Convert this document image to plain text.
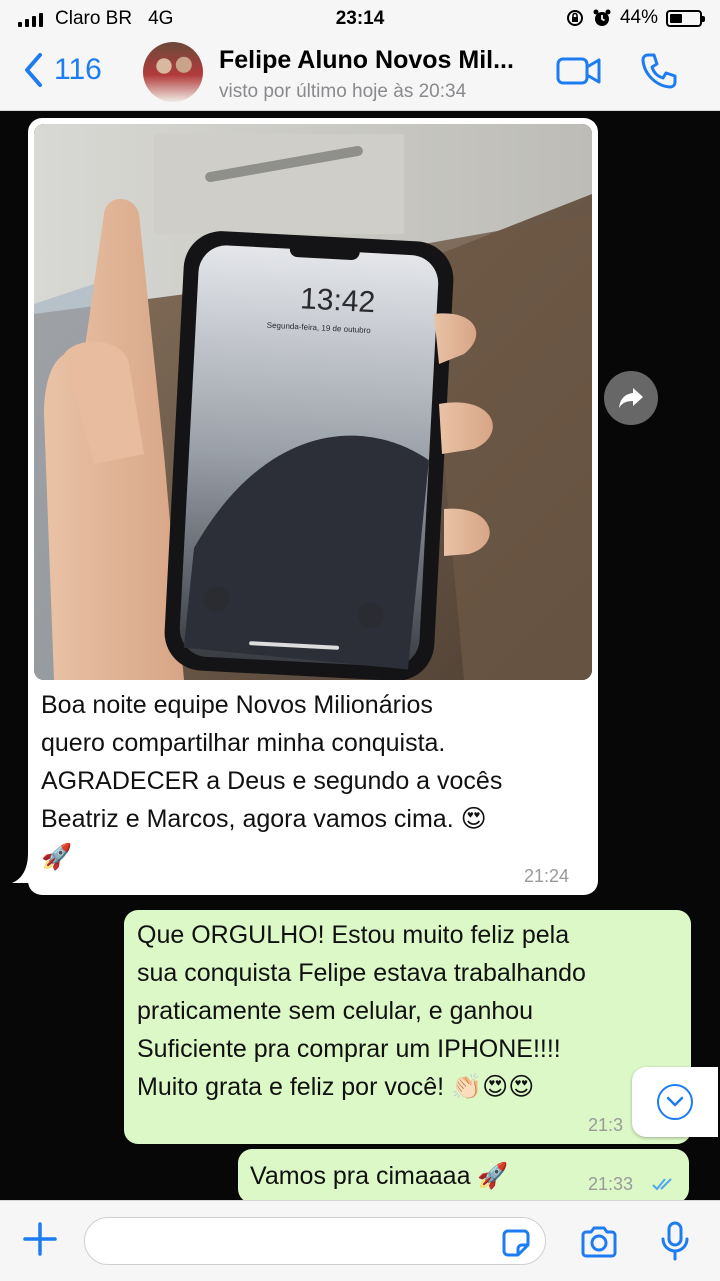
Claro BR 4G	23:14	44%
116	Felipe Aluno Novos Mil...
visto por último hoje às 20:34
13:42
Segunda-feira, 19 de outubro
Boa noite equipe Novos Milionários
quero compartilhar minha conquista.
AGRADECER a Deus e segundo a vocês
Beatriz e Marcos, agora vamos cima. 😍
🚀
21:24
Que ORGULHO! Estou muito feliz pela
sua conquista Felipe estava trabalhando
praticamente sem celular, e ganhou
Suficiente pra comprar um IPHONE!!!!
Muito grata e feliz por você! 👏🏻😍😍
21:3
Vamos pra cimaaaa 🚀	21:33
